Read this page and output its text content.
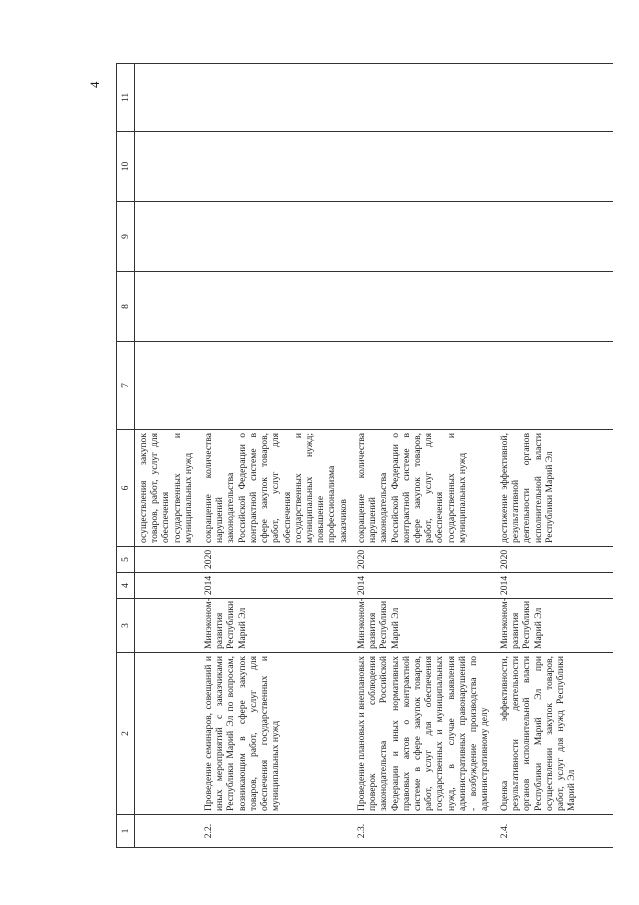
4
1	2	3	4	5	6	7	8	9	10	11
					осуществления закупок товаров, работ, услуг для обеспечения государственных и муниципальных нужд					
2.2.	Проведение семинаров, совещаний и иных мероприятий с заказчиками Республики Марий Эл по вопросам, возникающим в сфере закупок товаров, работ, услуг для обеспечения государственных и муниципальных нужд	Минэконом-развития Республики Марий Эл	2014	2020	сокращение количества нарушений законодательства Российской Федерации о контрактной системе в сфере закупок товаров, работ, услуг для обеспечения государственных и муниципальных нужд; повышение профессионализма заказчиков					
2.3.	Проведение плановых и внеплановых проверок соблюдения законодательства Российской Федерации и иных нормативных правовых актов о контрактной системе в сфере закупок товаров, работ, услуг для обеспечения государственных и муниципальных нужд, в случае выявления административных правонарушений - возбуждение производства по административному делу	Минэконом-развития Республики Марий Эл	2014	2020	сокращение количества нарушений законодательства Российской Федерации о контрактной системе в сфере закупок товаров, работ, услуг для обеспечения государственных и муниципальных нужд					
2.4.	Оценка эффективности, результативности деятельности органов исполнительной власти Республики Марий Эл при осуществлении закупок товаров, работ, услуг для нужд Республики Марий Эл	Минэконом-развития Республики Марий Эл	2014	2020	достижение эффективной, результативной деятельности органов исполнительной власти Республики Марий Эл					
